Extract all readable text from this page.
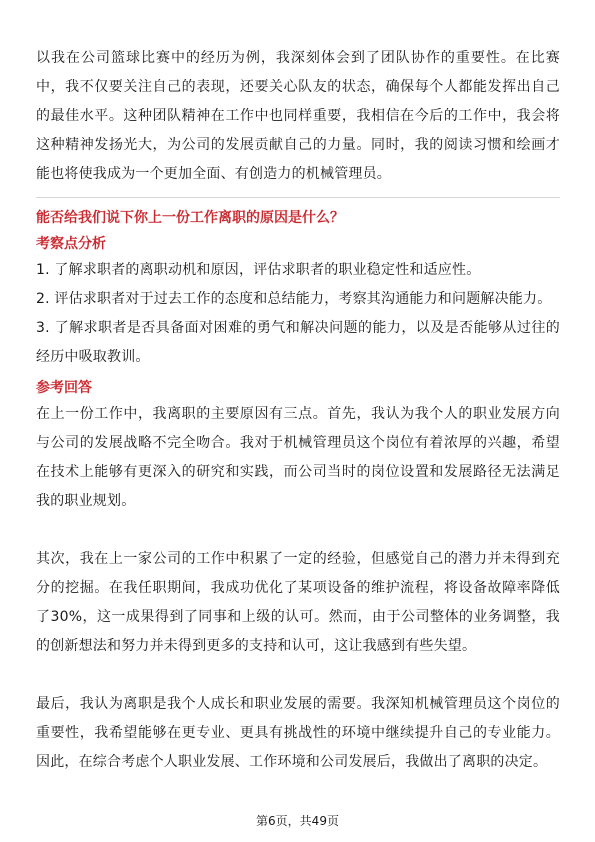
以我在公司篮球比赛中的经历为例，我深刻体会到了团队协作的重要性。在比赛中，我不仅要关注自己的表现，还要关心队友的状态，确保每个人都能发挥出自己的最佳水平。这种团队精神在工作中也同样重要，我相信在今后的工作中，我会将这种精神发扬光大，为公司的发展贡献自己的力量。同时，我的阅读习惯和绘画才能也将使我成为一个更加全面、有创造力的机械管理员。

能否给我们说下你上一份工作离职的原因是什么？

考察点分析

1. 了解求职者的离职动机和原因，评估求职者的职业稳定性和适应性。

2. 评估求职者对于过去工作的态度和总结能力，考察其沟通能力和问题解决能力。

3. 了解求职者是否具备面对困难的勇气和解决问题的能力，以及是否能够从过往的经历中吸取教训。

参考回答

在上一份工作中，我离职的主要原因有三点。首先，我认为我个人的职业发展方向与公司的发展战略不完全吻合。我对于机械管理员这个岗位有着浓厚的兴趣，希望在技术上能够有更深入的研究和实践，而公司当时的岗位设置和发展路径无法满足我的职业规划。

其次，我在上一家公司的工作中积累了一定的经验，但感觉自己的潜力并未得到充分的挖掘。在我任职期间，我成功优化了某项设备的维护流程，将设备故障率降低了30%，这一成果得到了同事和上级的认可。然而，由于公司整体的业务调整，我的创新想法和努力并未得到更多的支持和认可，这让我感到有些失望。

最后，我认为离职是我个人成长和职业发展的需要。我深知机械管理员这个岗位的重要性，我希望能够在更专业、更具有挑战性的环境中继续提升自己的专业能力。因此，在综合考虑个人职业发展、工作环境和公司发展后，我做出了离职的决定。

第6页，共49页
